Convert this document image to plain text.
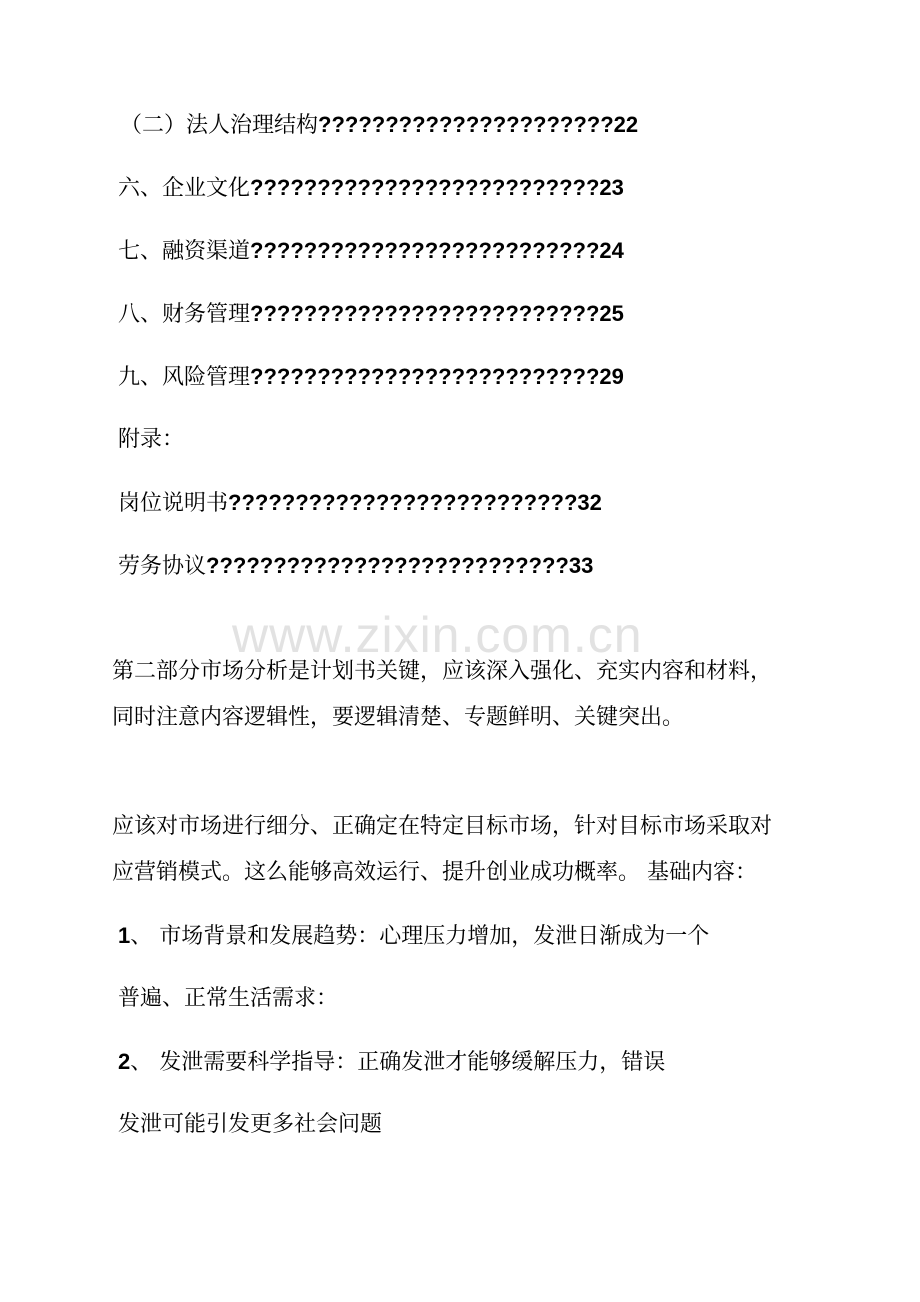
（二）法人治理结构??????????????????????22
六、企业文化??????????????????????????23
七、融资渠道??????????????????????????24
八、财务管理??????????????????????????25
九、风险管理??????????????????????????29
附录：
岗位说明书??????????????????????????32
劳务协议???????????????????????????33
www.zixin.com.cn
第二部分市场分析是计划书关键，应该深入强化、充实内容和材料，
同时注意内容逻辑性，要逻辑清楚、专题鲜明、关键突出。
应该对市场进行细分、正确定在特定目标市场，针对目标市场采取对
应营销模式。这么能够高效运行、提升创业成功概率。 基础内容：
1、 市场背景和发展趋势：心理压力增加，发泄日渐成为一个
普遍、正常生活需求：
2、 发泄需要科学指导：正确发泄才能够缓解压力，错误
发泄可能引发更多社会问题
